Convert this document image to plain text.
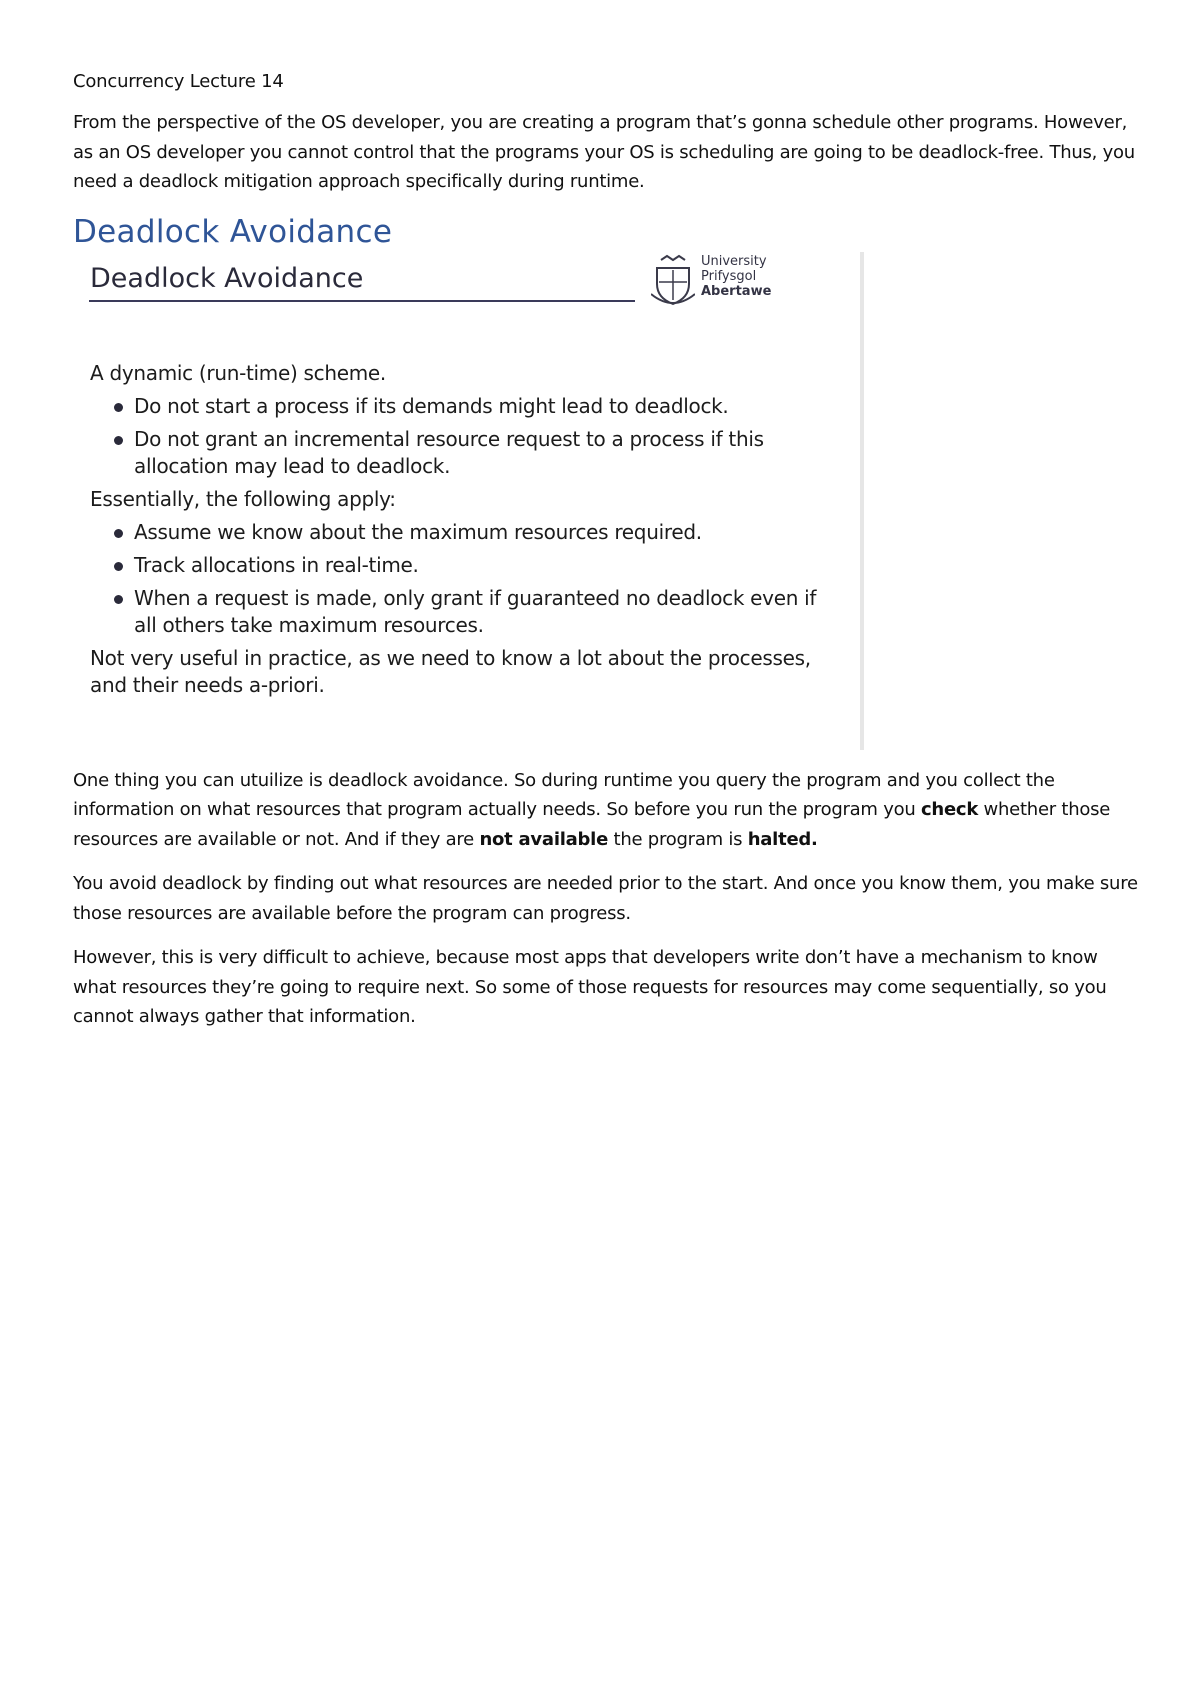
Concurrency Lecture 14

From the perspective of the OS developer, you are creating a program that’s gonna schedule other programs. However, as an OS developer you cannot control that the programs your OS is scheduling are going to be deadlock-free. Thus, you need a deadlock mitigation approach specifically during runtime.

Deadlock Avoidance
Deadlock Avoidance
University
Prifysgol
Abertawe
A dynamic (run-time) scheme.
Do not start a process if its demands might lead to deadlock.
Do not grant an incremental resource request to a process if this allocation may lead to deadlock.
Essentially, the following apply:
Assume we know about the maximum resources required.
Track allocations in real-time.
When a request is made, only grant if guaranteed no deadlock even if all others take maximum resources.
Not very useful in practice, as we need to know a lot about the processes, and their needs a-priori.

One thing you can utuilize is deadlock avoidance. So during runtime you query the program and you collect the information on what resources that program actually needs. So before you run the program you check whether those resources are available or not. And if they are not available the program is halted.

You avoid deadlock by finding out what resources are needed prior to the start. And once you know them, you make sure those resources are available before the program can progress.

However, this is very difficult to achieve, because most apps that developers write don’t have a mechanism to know what resources they’re going to require next. So some of those requests for resources may come sequentially, so you cannot always gather that information.
